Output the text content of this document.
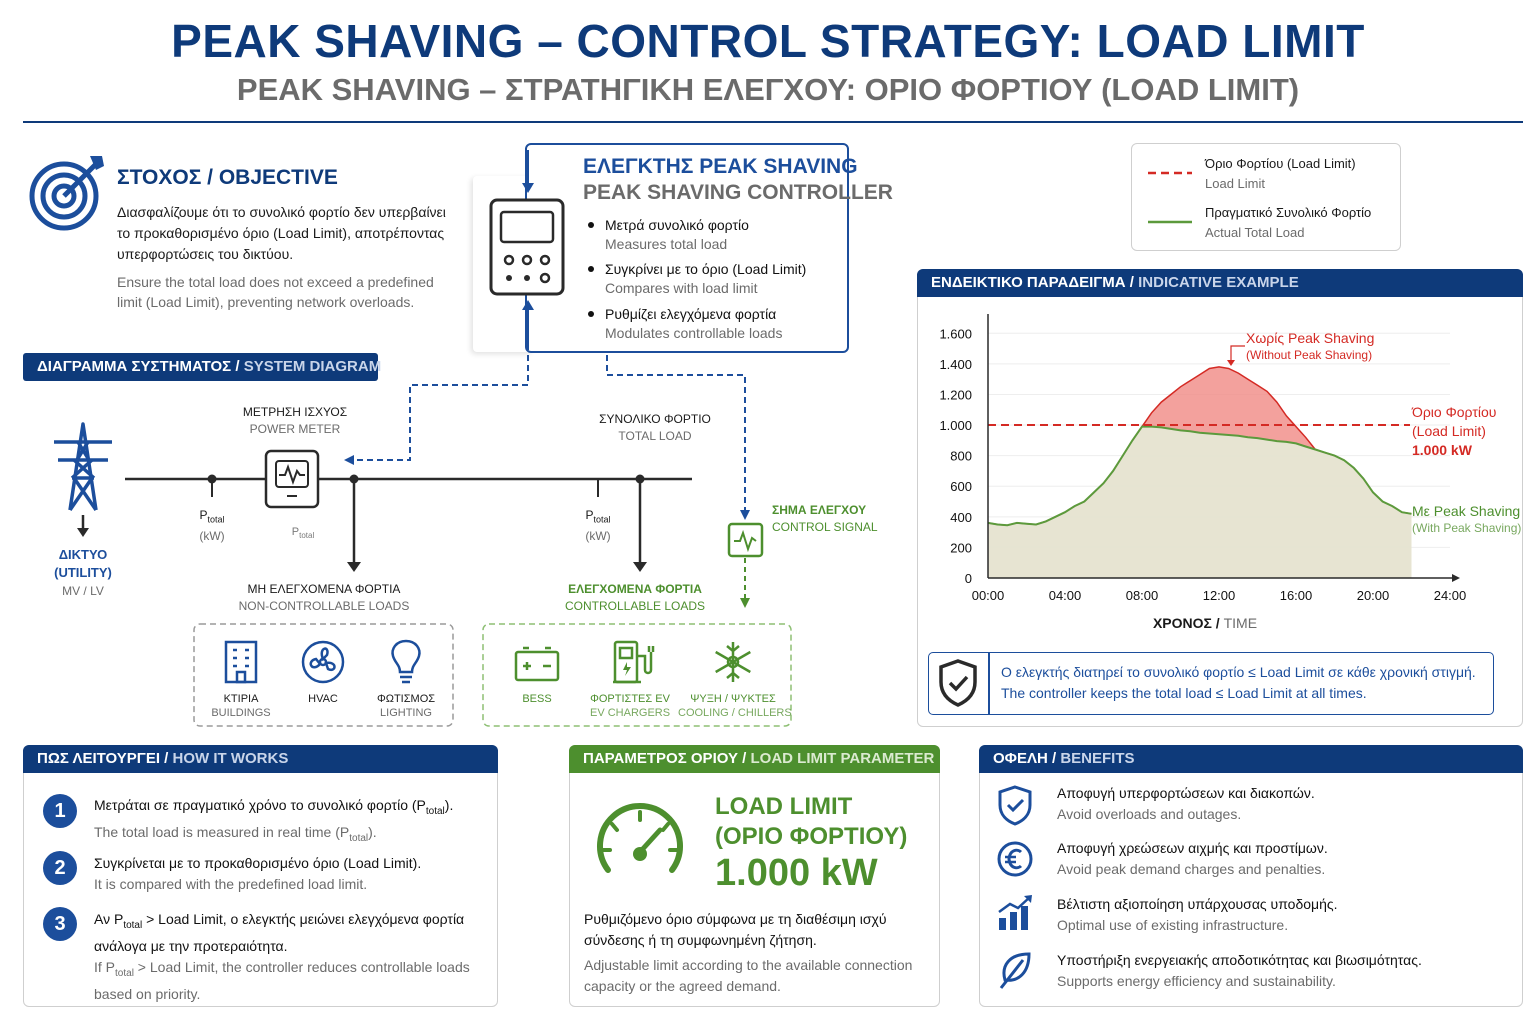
PEAK SHAVING – CONTROL STRATEGY: LOAD LIMIT
PEAK SHAVING – ΣΤΡΑΤΗΓΙΚΗ ΕΛΕΓΧΟΥ: ΟΡΙΟ ΦΟΡΤΙΟΥ (LOAD LIMIT)
ΣΤΟΧΟΣ / OBJECTIVE
Διασφαλίζουμε ότι το συνολικό φορτίο δεν υπερβαίνει το προκαθορισμένο όριο (Load Limit), αποτρέποντας υπερφορτώσεις του δικτύου.
Ensure the total load does not exceed a predefined limit (Load Limit), preventing network overloads.
ΕΛΕΓΚΤΗΣ PEAK SHAVING
PEAK SHAVING CONTROLLER
Μετρά συνολικό φορτίο
Measures total load
Συγκρίνει με το όριο (Load Limit)
Compares with load limit
Ρυθμίζει ελεγχόμενα φορτία
Modulates controllable loads
Όριο Φορτίου (Load Limit)
Load Limit
Πραγματικό Συνολικό Φορτίο
Actual Total Load
ΔΙΑΓΡΑΜΜΑ ΣΥΣΤΗΜΑΤΟΣ / SYSTEM DIAGRAM
ΔΙΚΤΥΟ
(UTILITY)
MV / LV
ΜΕΤΡΗΣΗ ΙΣΧΥΟΣ
POWER METER
ΣΥΝΟΛΙΚΟ ΦΟΡΤΙΟ
TOTAL LOAD
$P_{total}$
(kW)	$P_{total}$
$P_{total}$
(kW)
ΣΗΜΑ ΕΛΕΓΧΟΥ
CONTROL SIGNAL
ΜΗ ΕΛΕΓΧΟΜΕΝΑ ΦΟΡΤΙΑ
NON-CONTROLLABLE LOADS
ΕΛΕΓΧΟΜΕΝΑ ΦΟΡΤΙΑ
CONTROLLABLE LOADS
ΚΤΙΡΙΑ
BUILDINGS
HVAC	ΦΩΤΙΣΜΟΣ
LIGHTING
BESS	ΦΟΡΤΙΣΤΕΣ EV
EV CHARGERS
ΨΥΞΗ / ΨΥΚΤΕΣ
COOLING / CHILLERS
ΕΝΔΕΙΚΤΙΚΟ ΠΑΡΑΔΕΙΓΜΑ / INDICATIVE EXAMPLE
0
200
400
600
800
1.000
1.200
1.400
1.600
00:00	04:00	08:00	12:00	16:00	20:00	24:00
Χωρίς Peak Shaving
(Without Peak Shaving)
Όριο Φορτίου
(Load Limit)
1.000 kW
Με Peak Shaving
(With Peak Shaving)
ΧΡΟΝΟΣ / TIME
Ο ελεγκτής διατηρεί το συνολικό φορτίο ≤ Load Limit σε κάθε χρονική στιγμή.
The controller keeps the total load ≤ Load Limit at all times.
ΠΩΣ ΛΕΙΤΟΥΡΓΕΙ / HOW IT WORKS
1	Μετράται σε πραγματικό χρόνο το συνολικό φορτίο $(P_{total})$.
The total load is measured in real time $(P_{total})$.
2	Συγκρίνεται με το προκαθορισμένο όριο (Load Limit).
It is compared with the predefined load limit.
3	Αν $P_{total}$ > Load Limit, ο ελεγκτής μειώνει ελεγχόμενα φορτία ανάλογα με την προτεραιότητα.
If $P_{total}$ > Load Limit, the controller reduces controllable loads based on priority.
ΠΑΡΑΜΕΤΡΟΣ ΟΡΙΟΥ / LOAD LIMIT PARAMETER
LOAD LIMIT
(ΟΡΙΟ ΦΟΡΤΙΟΥ)
1.000 kW
Ρυθμιζόμενο όριο σύμφωνα με τη διαθέσιμη ισχύ σύνδεσης ή τη συμφωνημένη ζήτηση.
Adjustable limit according to the available connection capacity or the agreed demand.
ΟΦΕΛΗ / BENEFITS
Αποφυγή υπερφορτώσεων και διακοπών.
Avoid overloads and outages.
Αποφυγή χρεώσεων αιχμής και προστίμων.
Avoid peak demand charges and penalties.
Βέλτιστη αξιοποίηση υπάρχουσας υποδομής.
Optimal use of existing infrastructure.
Υποστήριξη ενεργειακής αποδοτικότητας και βιωσιμότητας.
Supports energy efficiency and sustainability.
